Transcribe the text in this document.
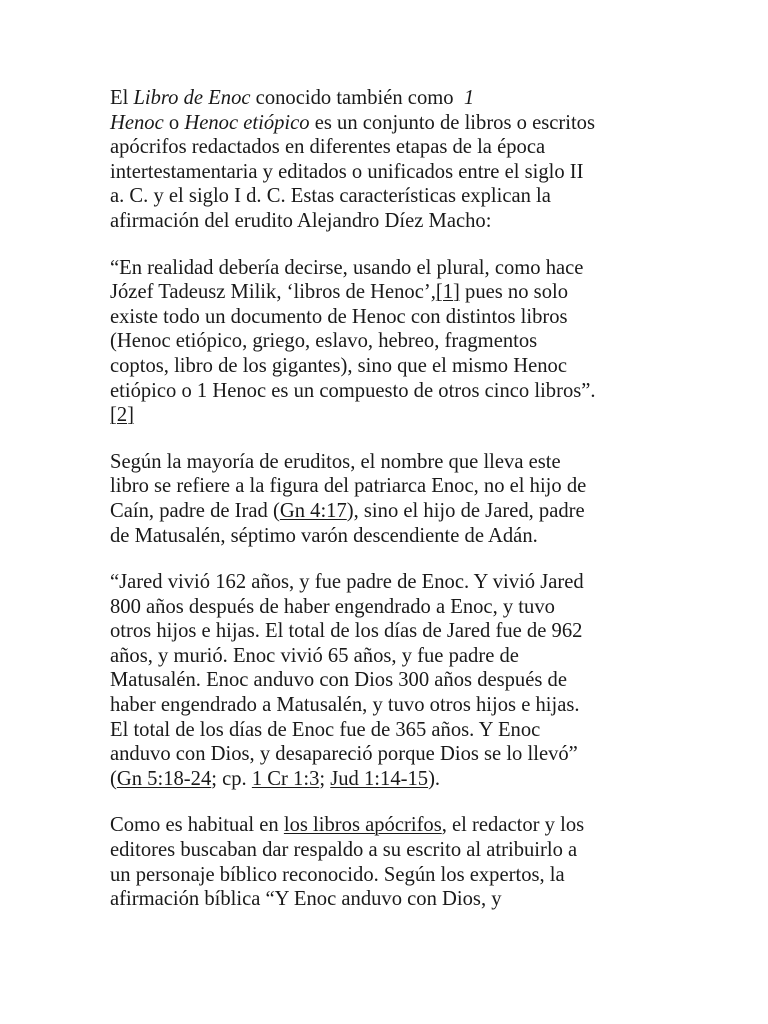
El Libro de Enoc conocido también como  1
Henoc o Henoc etiópico es un conjunto de libros o escritos
apócrifos redactados en diferentes etapas de la época
intertestamentaria y editados o unificados entre el siglo II
a. C. y el siglo I d. C. Estas características explican la
afirmación del erudito Alejandro Díez Macho:

“En realidad debería decirse, usando el plural, como hace
Józef Tadeusz Milik, ‘libros de Henoc’,[1] pues no solo
existe todo un documento de Henoc con distintos libros
(Henoc etiópico, griego, eslavo, hebreo, fragmentos
coptos, libro de los gigantes), sino que el mismo Henoc
etiópico o 1 Henoc es un compuesto de otros cinco libros”.
[2]

Según la mayoría de eruditos, el nombre que lleva este
libro se refiere a la figura del patriarca Enoc, no el hijo de
Caín, padre de Irad (Gn 4:17), sino el hijo de Jared, padre
de Matusalén, séptimo varón descendiente de Adán.

“Jared vivió 162 años, y fue padre de Enoc. Y vivió Jared
800 años después de haber engendrado a Enoc, y tuvo
otros hijos e hijas. El total de los días de Jared fue de 962
años, y murió. Enoc vivió 65 años, y fue padre de
Matusalén. Enoc anduvo con Dios 300 años después de
haber engendrado a Matusalén, y tuvo otros hijos e hijas.
El total de los días de Enoc fue de 365 años. Y Enoc
anduvo con Dios, y desapareció porque Dios se lo llevó”
(Gn 5:18-24; cp. 1 Cr 1:3; Jud 1:14-15).

Como es habitual en los libros apócrifos, el redactor y los
editores buscaban dar respaldo a su escrito al atribuirlo a
un personaje bíblico reconocido. Según los expertos, la
afirmación bíblica “Y Enoc anduvo con Dios, y
